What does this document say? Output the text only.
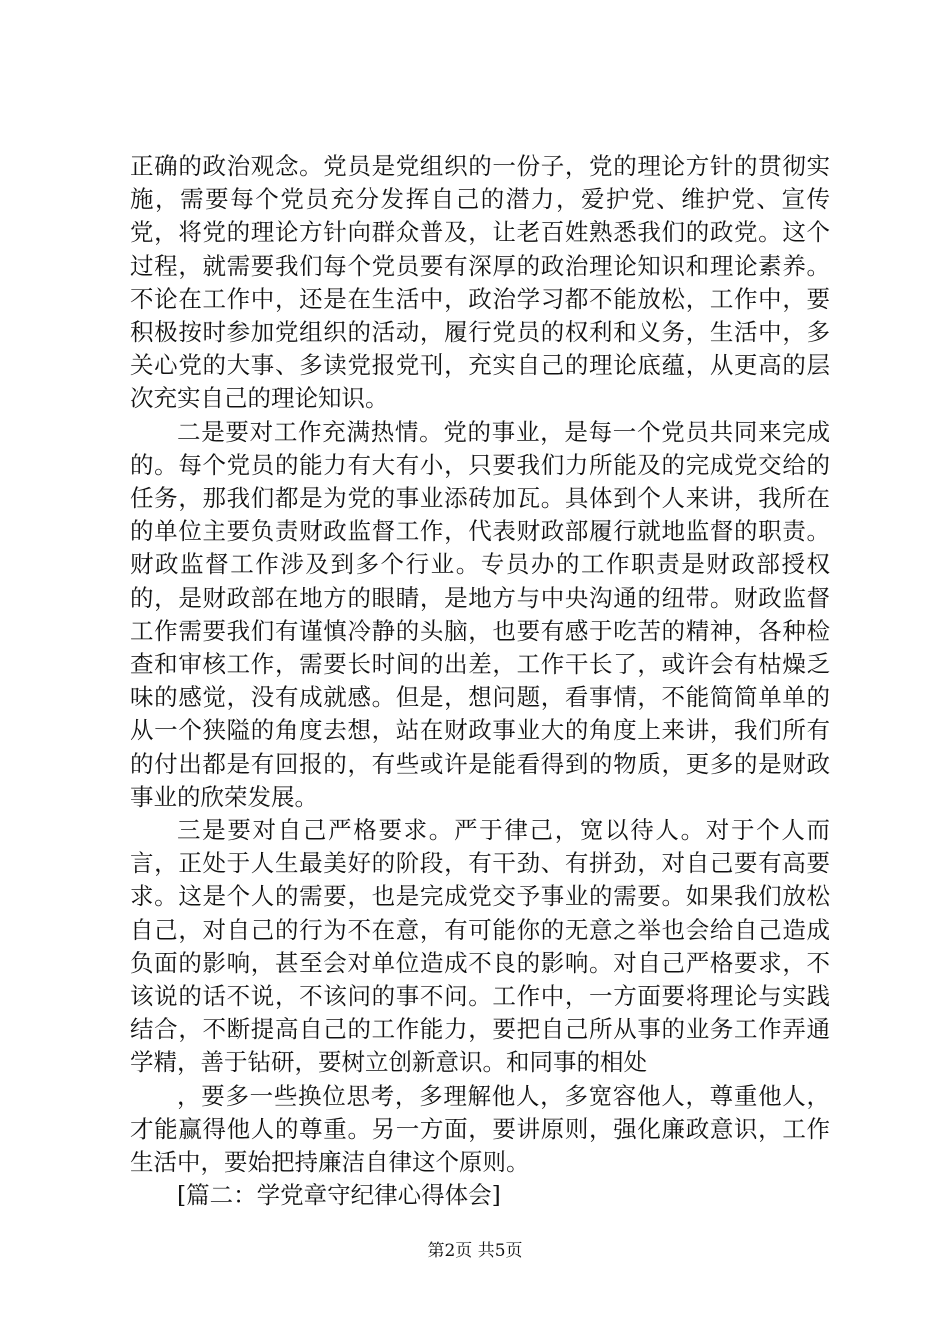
正确的政治观念。党员是党组织的一份子，党的理论方针的贯彻实施，需要每个党员充分发挥自己的潜力，爱护党、维护党、宣传党，将党的理论方针向群众普及，让老百姓熟悉我们的政党。这个过程，就需要我们每个党员要有深厚的政治理论知识和理论素养。不论在工作中，还是在生活中，政治学习都不能放松，工作中，要积极按时参加党组织的活动，履行党员的权利和义务，生活中，多关心党的大事、多读党报党刊，充实自己的理论底蕴，从更高的层次充实自己的理论知识。

二是要对工作充满热情。党的事业，是每一个党员共同来完成的。每个党员的能力有大有小，只要我们力所能及的完成党交给的任务，那我们都是为党的事业添砖加瓦。具体到个人来讲，我所在的单位主要负责财政监督工作，代表财政部履行就地监督的职责。财政监督工作涉及到多个行业。专员办的工作职责是财政部授权的，是财政部在地方的眼睛，是地方与中央沟通的纽带。财政监督工作需要我们有谨慎冷静的头脑，也要有感于吃苦的精神，各种检查和审核工作，需要长时间的出差，工作干长了，或许会有枯燥乏味的感觉，没有成就感。但是，想问题，看事情，不能简简单单的从一个狭隘的角度去想，站在财政事业大的角度上来讲，我们所有的付出都是有回报的，有些或许是能看得到的物质，更多的是财政事业的欣荣发展。

三是要对自己严格要求。严于律己，宽以待人。对于个人而言，正处于人生最美好的阶段，有干劲、有拼劲，对自己要有高要求。这是个人的需要，也是完成党交予事业的需要。如果我们放松自己，对自己的行为不在意，有可能你的无意之举也会给自己造成负面的影响，甚至会对单位造成不良的影响。对自己严格要求，不该说的话不说，不该问的事不问。工作中，一方面要将理论与实践结合，不断提高自己的工作能力，要把自己所从事的业务工作弄通学精，善于钻研，要树立创新意识。和同事的相处

，要多一些换位思考，多理解他人，多宽容他人，尊重他人，才能赢得他人的尊重。另一方面，要讲原则，强化廉政意识，工作生活中，要始把持廉洁自律这个原则。

[篇二：学党章守纪律心得体会]

第2页 共5页
